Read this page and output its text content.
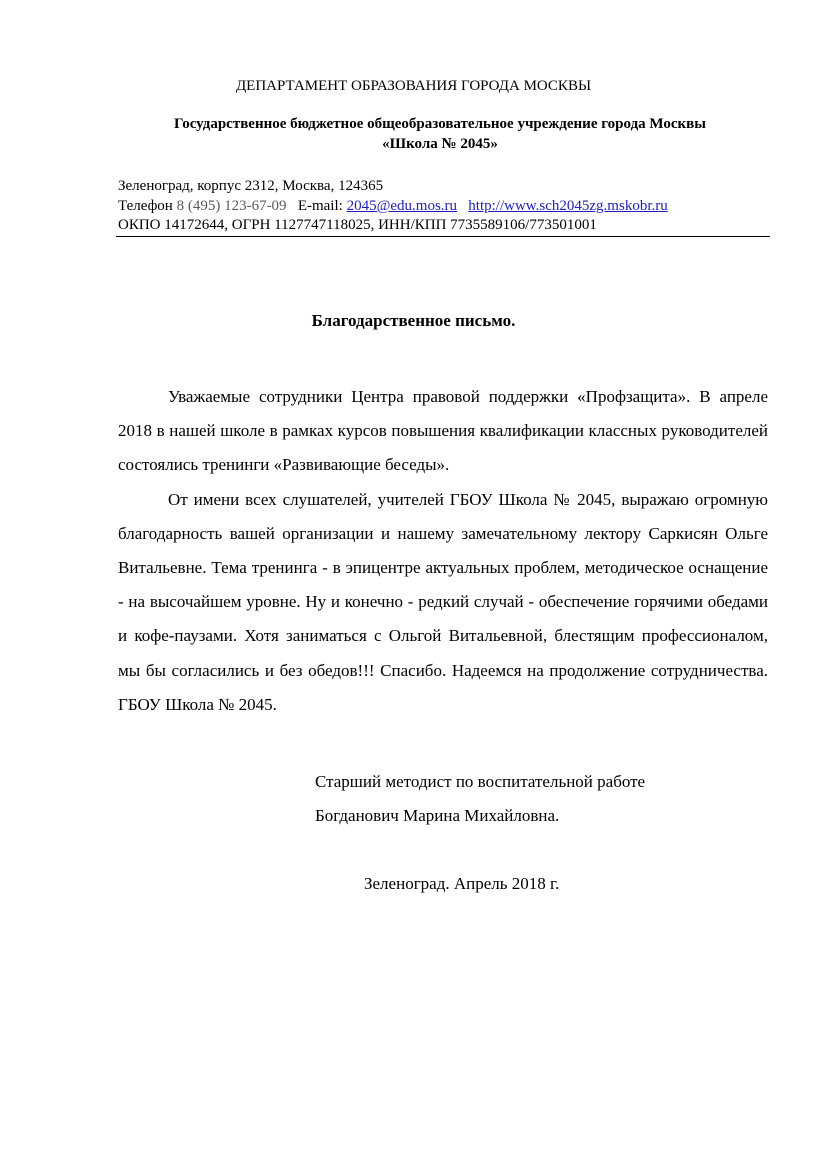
ДЕПАРТАМЕНТ ОБРАЗОВАНИЯ ГОРОДА МОСКВЫ
Государственное бюджетное общеобразовательное учреждение города Москвы
«Школа № 2045»
Зеленоград, корпус 2312, Москва, 124365
Телефон 8 (495) 123-67-09 E-mail: 2045@edu.mos.ru http://www.sch2045zg.mskobr.ru
ОКПО 14172644, ОГРН 1127747118025, ИНН/КПП 7735589106/773501001
Благодарственное письмо.

Уважаемые сотрудники Центра правовой поддержки «Профзащита». В апреле 2018 в нашей школе в рамках курсов повышения квалификации классных руководителей состоялись тренинги «Развивающие беседы».

От имени всех слушателей, учителей ГБОУ Школа № 2045, выражаю огромную благодарность вашей организации и нашему замечательному лектору Саркисян Ольге Витальевне. Тема тренинга - в эпицентре актуальных проблем, методическое оснащение - на высочайшем уровне. Ну и конечно - редкий случай - обеспечение горячими обедами и кофе-паузами. Хотя заниматься с Ольгой Витальевной, блестящим профессионалом, мы бы согласились и без обедов!!! Спасибо. Надеемся на продолжение сотрудничества. ГБОУ Школа № 2045.

Старший методист по воспитательной работе
Богданович Марина Михайловна.
Зеленоград. Апрель 2018 г.
